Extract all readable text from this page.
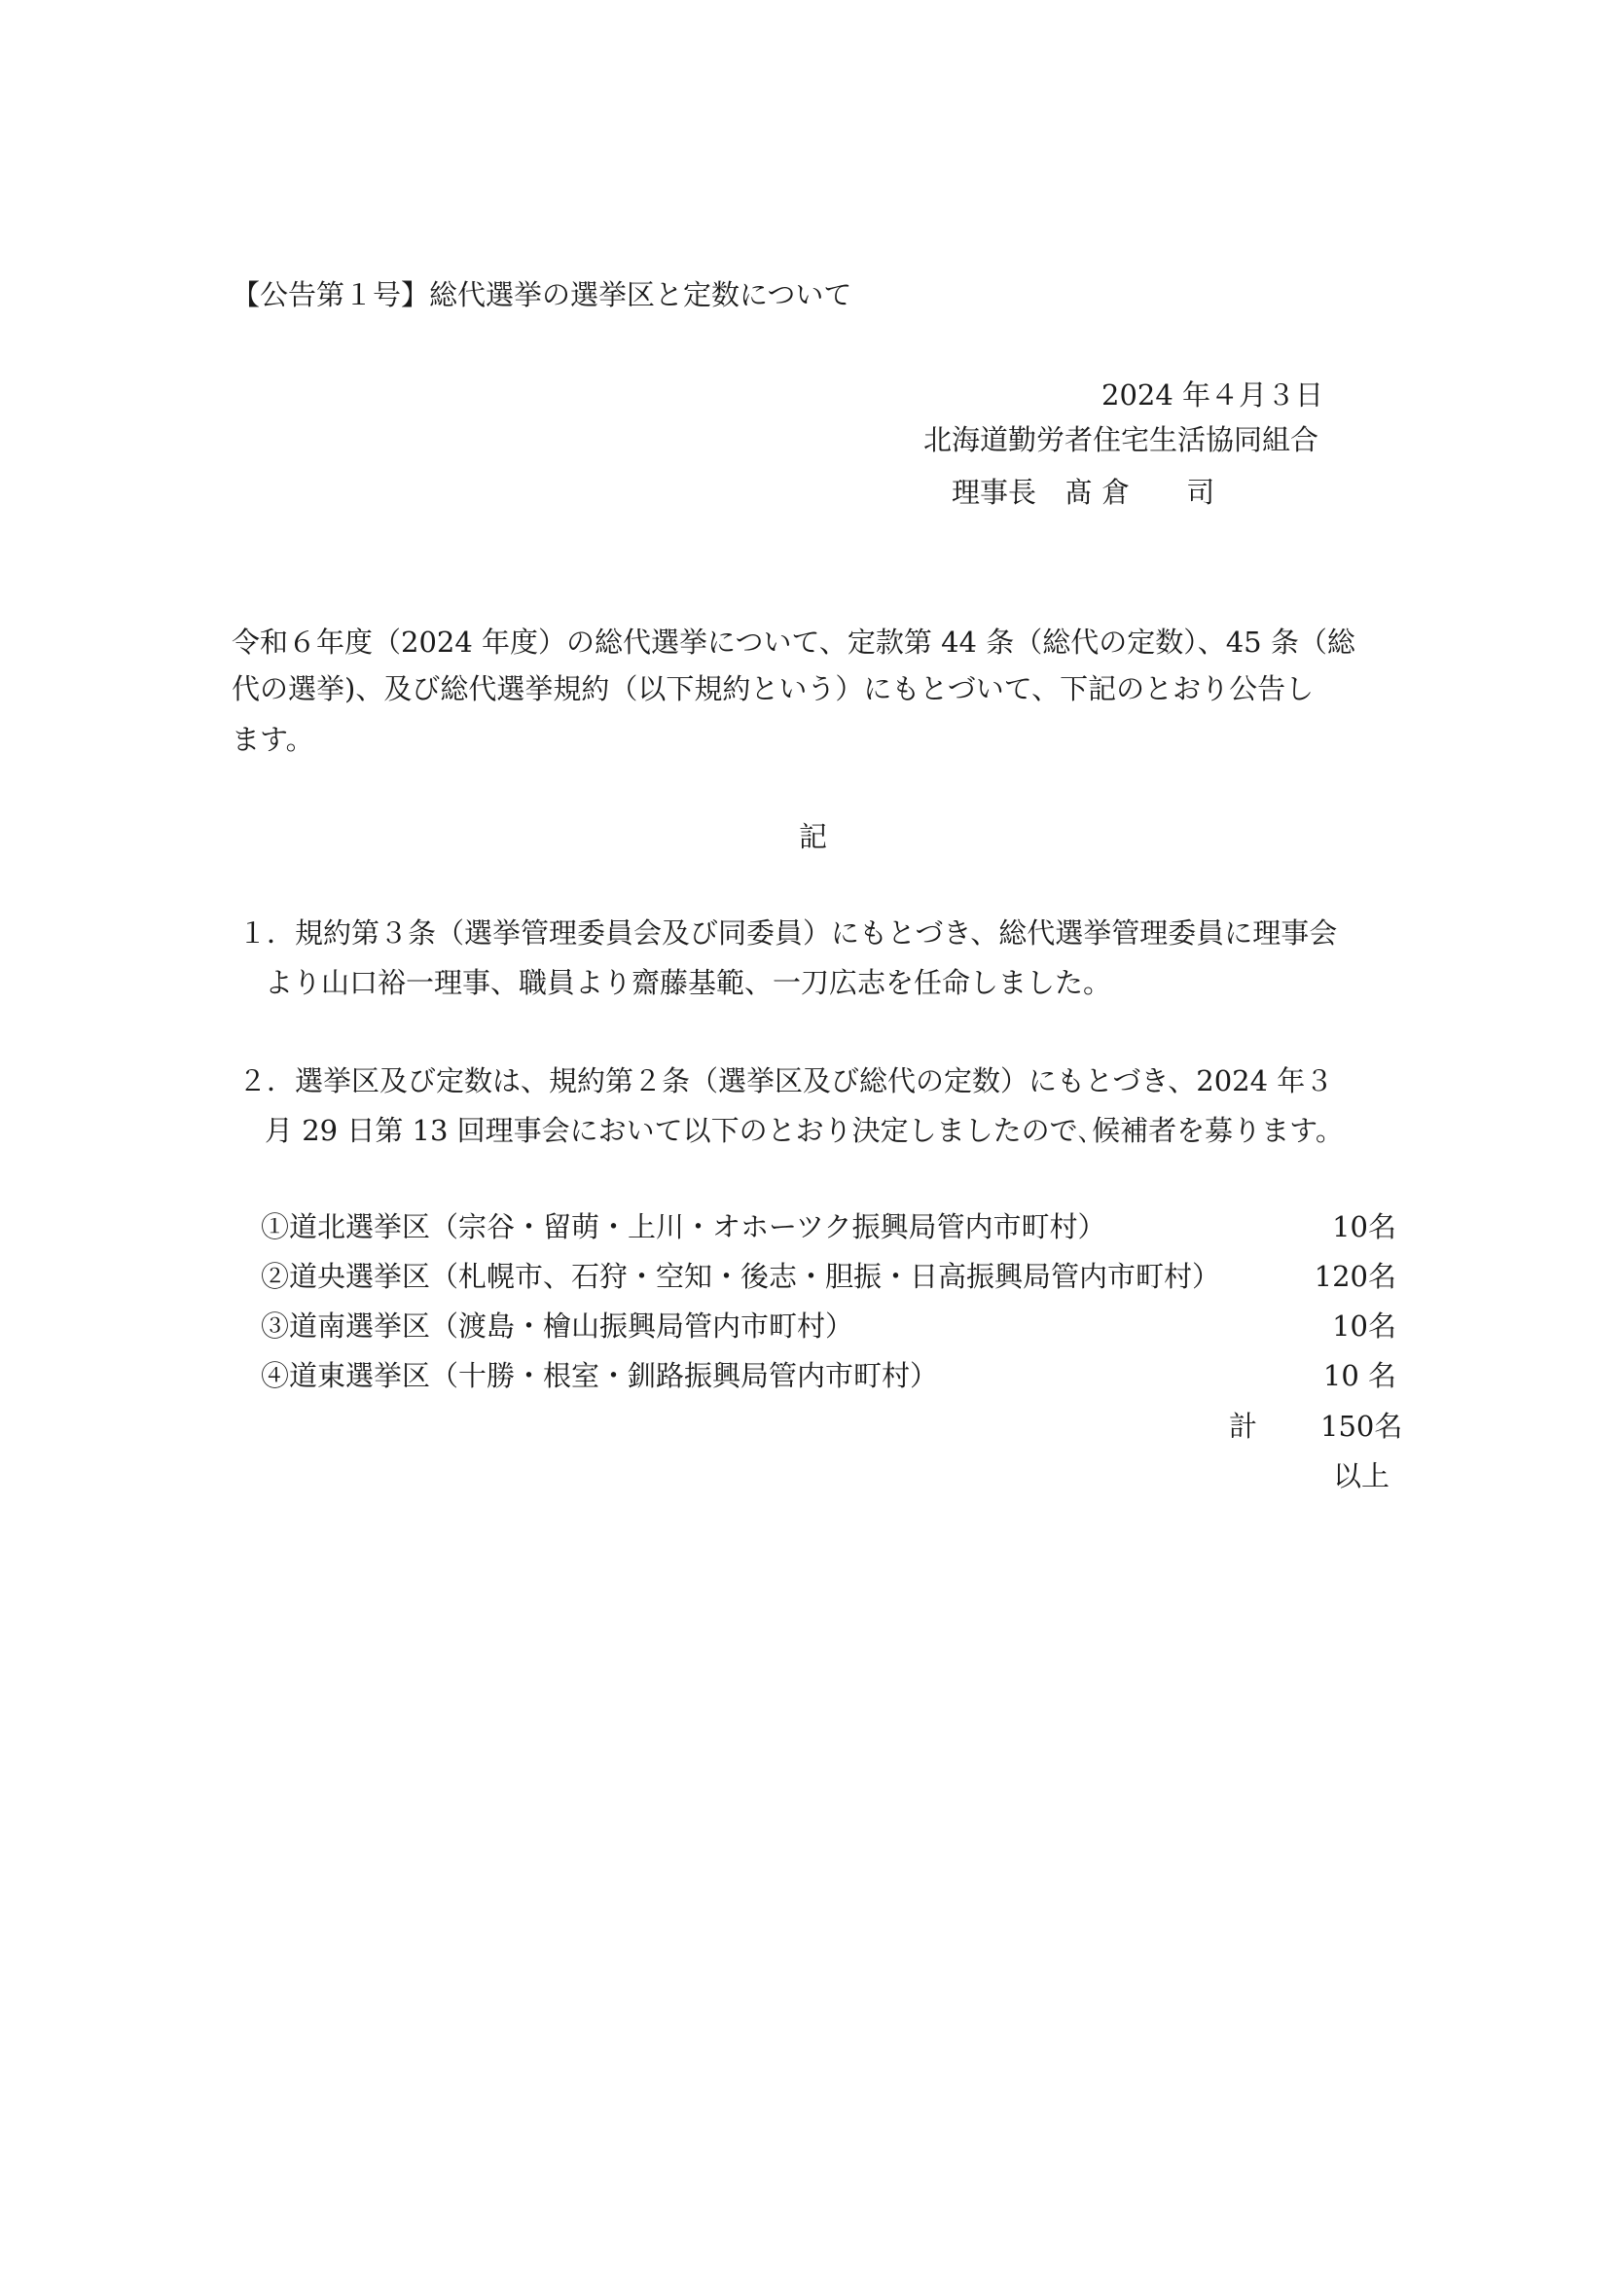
【公告第１号】総代選挙の選挙区と定数について
2024 年４月３日
北海道勤労者住宅生活協同組合
理事長　髙 倉　　司
令和６年度（2024 年度）の総代選挙について、定款第 44 条（総代の定数）、45 条（総
代の選挙)、及び総代選挙規約（以下規約という）にもとづいて、下記のとおり公告し
ます。
記
１．規約第３条（選挙管理委員会及び同委員）にもとづき、総代選挙管理委員に理事会
より山口裕一理事、職員より齋藤基範、一刀広志を任命しました。
２．選挙区及び定数は、規約第２条（選挙区及び総代の定数）にもとづき、2024 年３
月 29 日第 13 回理事会において以下のとおり決定しましたので､候補者を募ります。
①道北選挙区（宗谷・留萌・上川・オホーツク振興局管内市町村）	10名
②道央選挙区（札幌市、石狩・空知・後志・胆振・日高振興局管内市町村）	120名
③道南選挙区（渡島・檜山振興局管内市町村）	10名
④道東選挙区（十勝・根室・釧路振興局管内市町村）	10 名
計 150名
以上
